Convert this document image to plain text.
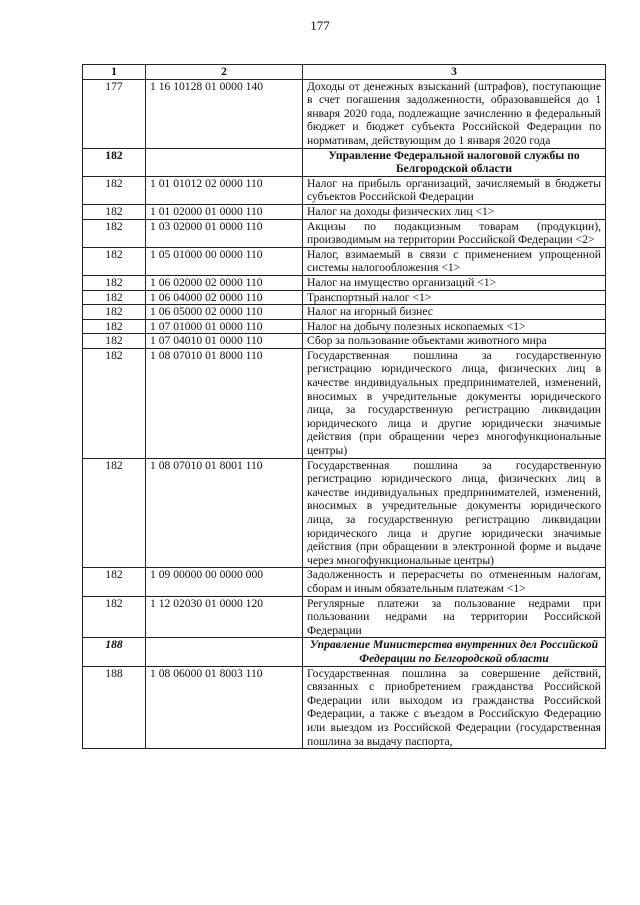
177
1	2	3
177	1 16 10128 01 0000 140	Доходы от денежных взысканий (штрафов), поступающие в счет погашения задолженности, образовавшейся до 1 января 2020 года, подлежащие зачислению в федеральный бюджет и бюджет субъекта Российской Федерации по нормативам, действующим до 1 января 2020 года
182		Управление Федеральной налоговой службы по Белгородской области
182	1 01 01012 02 0000 110	Налог на прибыль организаций, зачисляемый в бюджеты субъектов Российской Федерации
182	1 01 02000 01 0000 110	Налог на доходы физических лиц <1>
182	1 03 02000 01 0000 110	Акцизы по подакцизным товарам (продукции), производимым на территории Российской Федерации <2>
182	1 05 01000 00 0000 110	Налог, взимаемый в связи с применением упрощенной системы налогообложения <1>
182	1 06 02000 02 0000 110	Налог на имущество организаций <1>
182	1 06 04000 02 0000 110	Транспортный налог <1>
182	1 06 05000 02 0000 110	Налог на игорный бизнес
182	1 07 01000 01 0000 110	Налог на добычу полезных ископаемых <1>
182	1 07 04010 01 0000 110	Сбор за пользование объектами животного мира
182	1 08 07010 01 8000 110	Государственная пошлина за государственную регистрацию юридического лица, физических лиц в качестве индивидуальных предпринимателей, изменений, вносимых в учредительные документы юридического лица, за государственную регистрацию ликвидации юридического лица и другие юридически значимые действия (при обращении через многофункциональные центры)
182	1 08 07010 01 8001 110	Государственная пошлина за государственную регистрацию юридического лица, физических лиц в качестве индивидуальных предпринимателей, изменений, вносимых в учредительные документы юридического лица, за государственную регистрацию ликвидации юридического лица и другие юридически значимые действия (при обращении в электронной форме и выдаче через многофункциональные центры)
182	1 09 00000 00 0000 000	Задолженность и перерасчеты по отмененным налогам, сборам и иным обязательным платежам <1>
182	1 12 02030 01 0000 120	Регулярные платежи за пользование недрами при пользовании недрами на территории Российской Федерации
188		Управление Министерства внутренних дел Российской Федерации по Белгородской области
188	1 08 06000 01 8003 110	Государственная пошлина за совершение действий, связанных с приобретением гражданства Российской Федерации или выходом из гражданства Российской Федерации, а также с въездом в Российскую Федерацию или выездом из Российской Федерации (государственная пошлина за выдачу паспорта,
